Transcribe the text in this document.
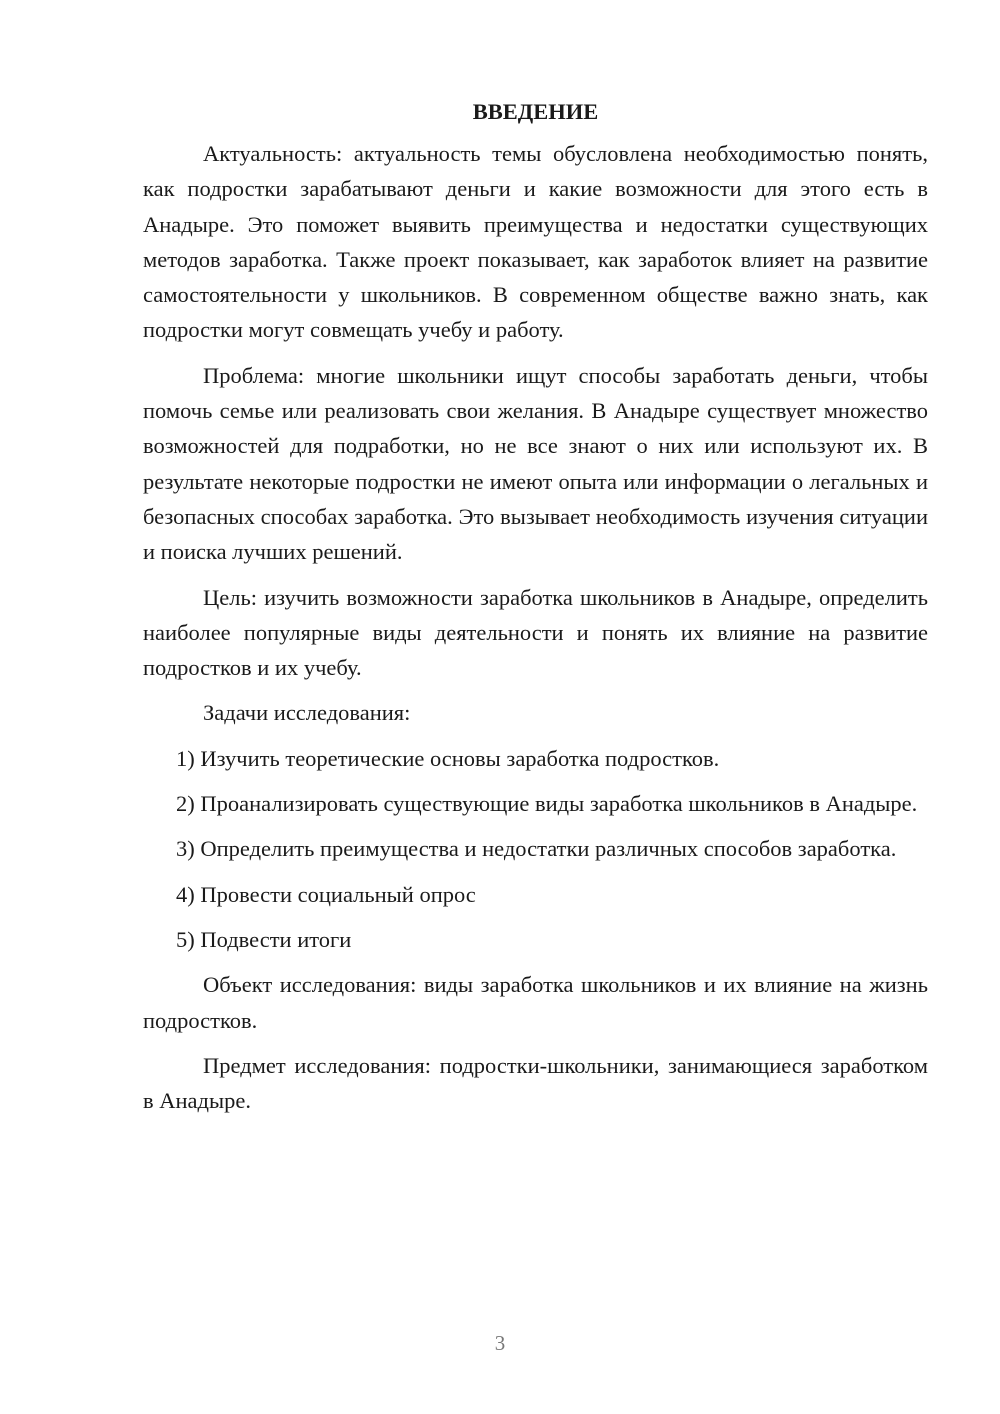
ВВЕДЕНИЕ

Актуальность: актуальность темы обусловлена необходимостью понять, как подростки зарабатывают деньги и какие возможности для этого есть в Анадыре. Это поможет выявить преимущества и недостатки существующих методов заработка. Также проект показывает, как заработок влияет на развитие самостоятельности у школьников. В современном обществе важно знать, как подростки могут совмещать учебу и работу.

Проблема: многие школьники ищут способы заработать деньги, чтобы помочь семье или реализовать свои желания. В Анадыре существует множество возможностей для подработки, но не все знают о них или используют их. В результате некоторые подростки не имеют опыта или информации о легальных и безопасных способах заработка. Это вызывает необходимость изучения ситуации и поиска лучших решений.

Цель: изучить возможности заработка школьников в Анадыре, определить наиболее популярные виды деятельности и понять их влияние на развитие подростков и их учебу.

Задачи исследования:

1) Изучить теоретические основы заработка подростков.

2) Проанализировать существующие виды заработка школьников в Анадыре.

3) Определить преимущества и недостатки различных способов заработка.

4) Провести социальный опрос

5) Подвести итоги

Объект исследования: виды заработка школьников и их влияние на жизнь подростков.

Предмет исследования: подростки-школьники, занимающиеся заработком в Анадыре.

3
